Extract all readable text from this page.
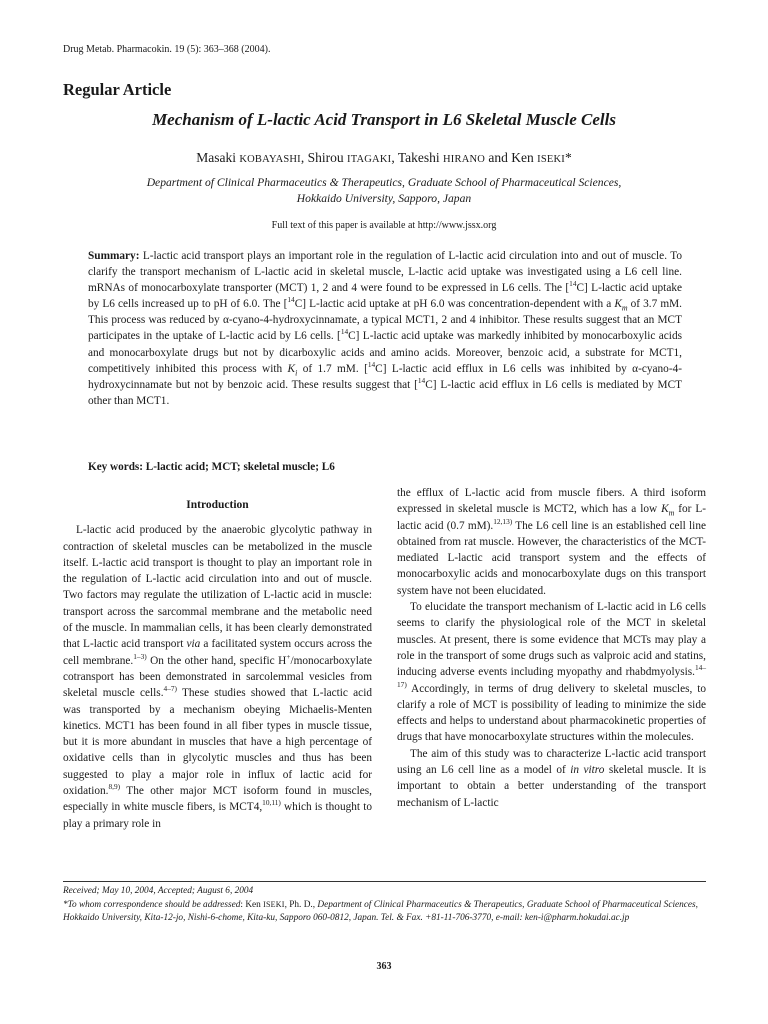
Drug Metab. Pharmacokin. 19 (5): 363–368 (2004).
Regular Article
Mechanism of L-lactic Acid Transport in L6 Skeletal Muscle Cells
Masaki KOBAYASHI, Shirou ITAGAKI, Takeshi HIRANO and Ken ISEKI*
Department of Clinical Pharmaceutics & Therapeutics, Graduate School of Pharmaceutical Sciences,
Hokkaido University, Sapporo, Japan
Full text of this paper is available at http://www.jssx.org
Summary: L-lactic acid transport plays an important role in the regulation of L-lactic acid circulation into and out of muscle. To clarify the transport mechanism of L-lactic acid in skeletal muscle, L-lactic acid uptake was investigated using a L6 cell line. mRNAs of monocarboxylate transporter (MCT) 1, 2 and 4 were found to be expressed in L6 cells. The [$^{14}$C] L-lactic acid uptake by L6 cells increased up to pH of 6.0. The [$^{14}$C] L-lactic acid uptake at pH 6.0 was concentration-dependent with a $K_m$ of 3.7 mM. This process was reduced by α-cyano-4-hydroxycinnamate, a typical MCT1, 2 and 4 inhibitor. These results suggest that an MCT participates in the uptake of L-lactic acid by L6 cells. [$^{14}$C] L-lactic acid uptake was markedly inhibited by monocarboxylic acids and monocarboxylate drugs but not by dicarboxylic acids and amino acids. Moreover, benzoic acid, a substrate for MCT1, competitively inhibited this process with $K_i$ of 1.7 mM. [$^{14}$C] L-lactic acid efflux in L6 cells was inhibited by α-cyano-4-hydroxycinnamate but not by benzoic acid. These results suggest that [$^{14}$C] L-lactic acid efflux in L6 cells is mediated by MCT other than MCT1.
Key words: L-lactic acid; MCT; skeletal muscle; L6
Introduction

L-lactic acid produced by the anaerobic glycolytic pathway in contraction of skeletal muscles can be metabolized in the muscle itself. L-lactic acid transport is thought to play an important role in the regulation of L-lactic acid circulation into and out of muscle. Two factors may regulate the utilization of L-lactic acid in muscle: transport across the sarcommal membrane and the metabolic need of the muscle. In mammalian cells, it has been clearly demonstrated that L-lactic acid transport via a facilitated system occurs across the cell membrane.$^{1-3)}$ On the other hand, specific H+/monocarboxylate cotransport has been demonstrated in sarcolemmal vesicles from skeletal muscle cells.$^{4-7)}$ These studies showed that L-lactic acid was transported by a mechanism obeying Michaelis-Menten kinetics. MCT1 has been found in all fiber types in muscle tissue, but it is more abundant in muscles that have a high percentage of oxidative cells than in glycolytic muscles and thus has been suggested to play a major role in influx of lactic acid for oxidation.$^{8,9)}$ The other major MCT isoform found in muscles, especially in white muscle fibers, is MCT4,$^{10,11)}$ which is thought to play a primary role in

the efflux of L-lactic acid from muscle fibers. A third isoform expressed in skeletal muscle is MCT2, which has a low $K_m$ for L-lactic acid (0.7 mM).$^{12,13)}$ The L6 cell line is an established cell line obtained from rat muscle. However, the characteristics of the MCT-mediated L-lactic acid transport system and the effects of monocarboxylic acids and monocarboxylate dugs on this transport system have not been elucidated.

To elucidate the transport mechanism of L-lactic acid in L6 cells seems to clarify the physiological role of the MCT in skeletal muscles. At present, there is some evidence that MCTs may play a role in the transport of some drugs such as valproic acid and statins, inducing adverse events including myopathy and rhabdmyolysis.$^{14-17)}$ Accordingly, in terms of drug delivery to skeletal muscles, to clarify a role of MCT is possibility of leading to minimize the side effects and helps to understand about pharmacokinetic properties of drugs that have monocarboxylate structures within the molecules.

The aim of this study was to characterize L-lactic acid transport using an L6 cell line as a model of in vitro skeletal muscle. It is important to obtain a better understanding of the transport mechanism of L-lactic

Received; May 10, 2004, Accepted; August 6, 2004
*To whom correspondence should be addressed: Ken ISEKI, Ph. D., Department of Clinical Pharmaceutics & Therapeutics, Graduate School of Pharmaceutical Sciences, Hokkaido University, Kita-12-jo, Nishi-6-chome, Kita-ku, Sapporo 060-0812, Japan. Tel. & Fax. +81-11-706-3770, e-mail: ken-i@pharm.hokudai.ac.jp
363
